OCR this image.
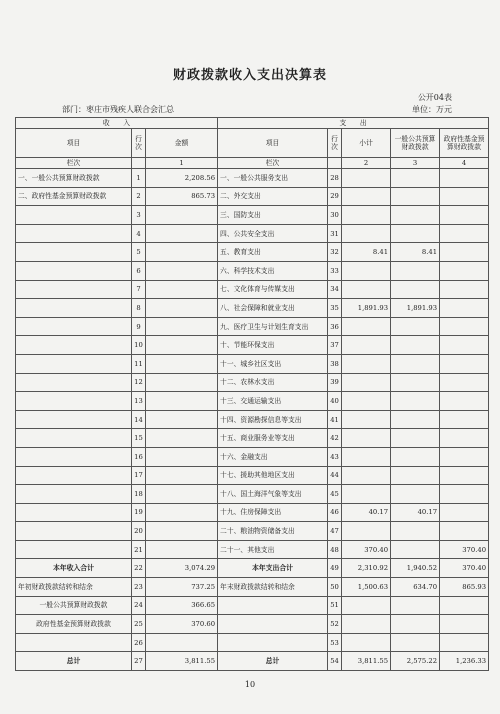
财政拨款收入支出决算表
公开04表
部门：枣庄市残疾人联合会汇总	单位：万元
收　　入			支　　出				
项目	行次	金额	项目	行次	小计	一般公共预算财政拨款	政府性基金预算财政拨款
栏次		1	栏次		2	3	4
一、一般公共预算财政拨款	1	2,208.56	一、一般公共服务支出	28			
二、政府性基金预算财政拨款	2	865.73	二、外交支出	29			
	3		三、国防支出	30			
	4		四、公共安全支出	31			
	5		五、教育支出	32	8.41	8.41	
	6		六、科学技术支出	33			
	7		七、文化体育与传媒支出	34			
	8		八、社会保障和就业支出	35	1,891.93	1,891.93	
	9		九、医疗卫生与计划生育支出	36			
	10		十、节能环保支出	37			
	11		十一、城乡社区支出	38			
	12		十二、农林水支出	39			
	13		十三、交通运输支出	40			
	14		十四、资源勘探信息等支出	41			
	15		十五、商业服务业等支出	42			
	16		十六、金融支出	43			
	17		十七、援助其他地区支出	44			
	18		十八、国土海洋气象等支出	45			
	19		十九、住房保障支出	46	40.17	40.17	
	20		二十、粮油物资储备支出	47			
	21		二十一、其他支出	48	370.40		370.40
本年收入合计	22	3,074.29	本年支出合计	49	2,310.92	1,940.52	370.40
年初财政拨款结转和结余	23	737.25	年末财政拨款结转和结余	50	1,500.63	634.70	865.93
一般公共预算财政拨款	24	366.65		51			
政府性基金预算财政拨款	25	370.60		52			
	26			53			
总计	27	3,811.55	总计	54	3,811.55	2,575.22	1,236.33
10
